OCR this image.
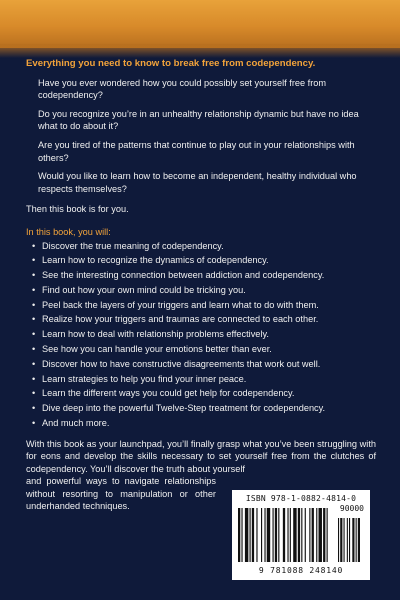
Everything you need to know to break free from codependency.

Have you ever wondered how you could possibly set yourself free from codependency?

Do you recognize you’re in an unhealthy relationship dynamic but have no idea what to do about it?

Are you tired of the patterns that continue to play out in your relationships with others?

Would you like to learn how to become an independent, healthy individual who respects themselves?

Then this book is for you.

In this book, you will:

• Discover the true meaning of codependency.
• Learn how to recognize the dynamics of codependency.
• See the interesting connection between addiction and codependency.
• Find out how your own mind could be tricking you.
• Peel back the layers of your triggers and learn what to do with them.
• Realize how your triggers and traumas are connected to each other.
• Learn how to deal with relationship problems effectively.
• See how you can handle your emotions better than ever.
• Discover how to have constructive disagreements that work out well.
• Learn strategies to help you find your inner peace.
• Learn the different ways you could get help for codependency.
• Dive deep into the powerful Twelve-Step treatment for codependency.
• And much more.

With this book as your launchpad, you’ll finally grasp what you’ve been struggling with for eons and develop the skills necessary to set yourself free from the clutches of codependency. You’ll discover the truth about yourself

and powerful ways to navigate relationships without resorting to manipulation or other underhanded techniques.

ISBN 978-1-0882-4814-0
90000
9 781088 248140
